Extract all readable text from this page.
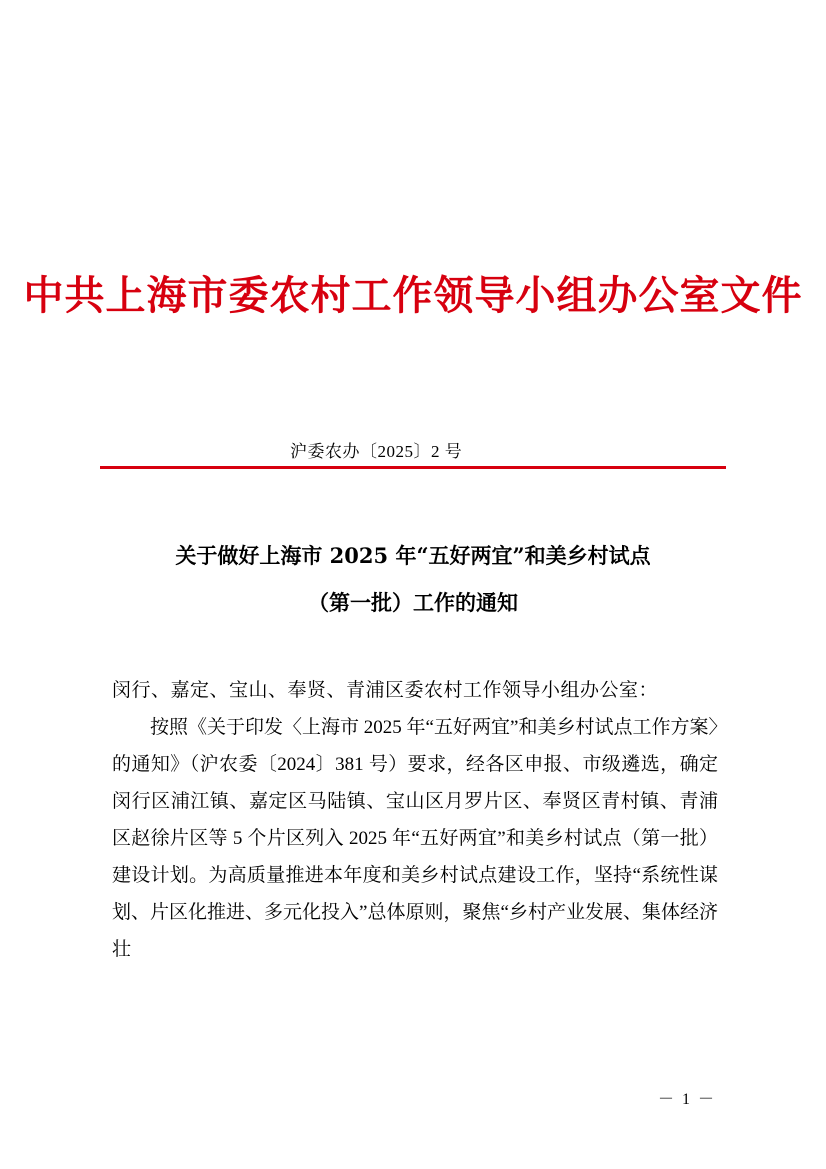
中共上海市委农村工作领导小组办公室文件
沪委农办〔2025〕2 号
关于做好上海市 2025 年“五好两宜”和美乡村试点
（第一批）工作的通知

闵行、嘉定、宝山、奉贤、青浦区委农村工作领导小组办公室：

按照《关于印发〈上海市 2025 年“五好两宜”和美乡村试点工作方案〉的通知》（沪农委〔2024〕381 号）要求，经各区申报、市级遴选，确定闵行区浦江镇、嘉定区马陆镇、宝山区月罗片区、奉贤区青村镇、青浦区赵徐片区等 5 个片区列入 2025 年“五好两宜”和美乡村试点（第一批）建设计划。为高质量推进本年度和美乡村试点建设工作，坚持“系统性谋划、片区化推进、多元化投入”总体原则，聚焦“乡村产业发展、集体经济壮

－ 1 －
